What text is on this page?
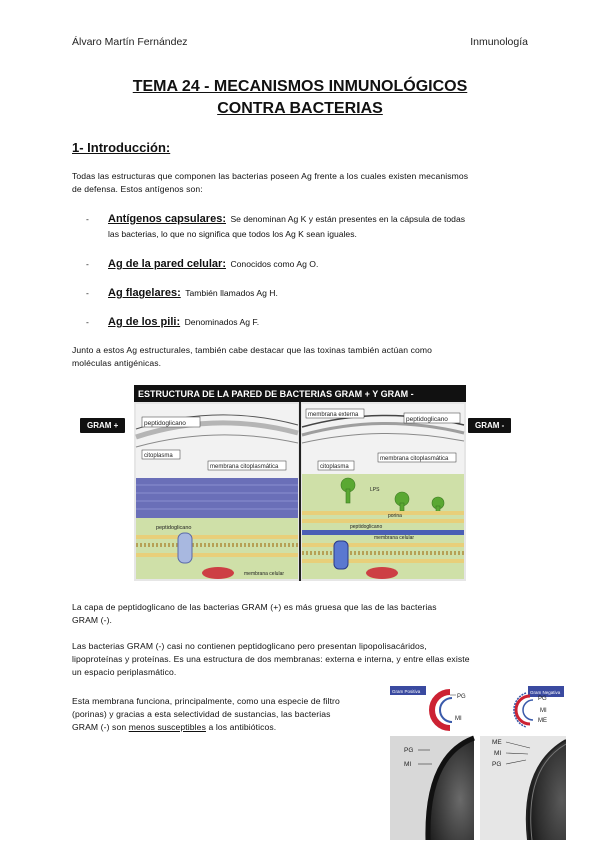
Álvaro Martín Fernández	Inmunología
TEMA 24 - MECANISMOS INMUNOLÓGICOS
CONTRA BACTERIAS
1- Introducción:
Todas las estructuras que componen las bacterias poseen Ag frente a los cuales existen mecanismos
de defensa. Estos antígenos son:
- Antígenos capsulares: Se denominan Ag K y están presentes en la cápsula de todas
las bacterias, lo que no significa que todos los Ag K sean iguales.
- Ag de la pared celular: Conocidos como Ag O.
- Ag flagelares: También llamados Ag H.
- Ag de los pili: Denominados Ag F.
Junto a estos Ag estructurales, también cabe destacar que las toxinas también actúan como
moléculas antigénicas.
GRAM +	GRAM -
ESTRUCTURA DE LA PARED DE BACTERIAS GRAM + Y GRAM -
peptidoglicano
citoplasma
membrana citoplasmática
peptidoglicano
membrana celular
membrana externa
peptidoglicano
citoplasma
membrana citoplasmática
LPS
porina
peptidoglicano
membrana celular
La capa de peptidoglicano de las bacterias GRAM (+) es más gruesa que las de las bacterias
GRAM (-).
Las bacterias GRAM (-) casi no contienen peptidoglicano pero presentan lipopolisacáridos,
lipoproteínas y proteínas. Es una estructura de dos membranas: externa e interna, y entre ellas existe
un espacio periplasmático.
Esta membrana funciona, principalmente, como una especie de filtro
(porinas) y gracias a esta selectividad de sustancias, las bacterias
GRAM (-) son menos susceptibles a los antibióticos.
Gram Positiva	Gram Negativa
PG
MI
PG
MI
ME
PG
MI
ME
MI
PG
